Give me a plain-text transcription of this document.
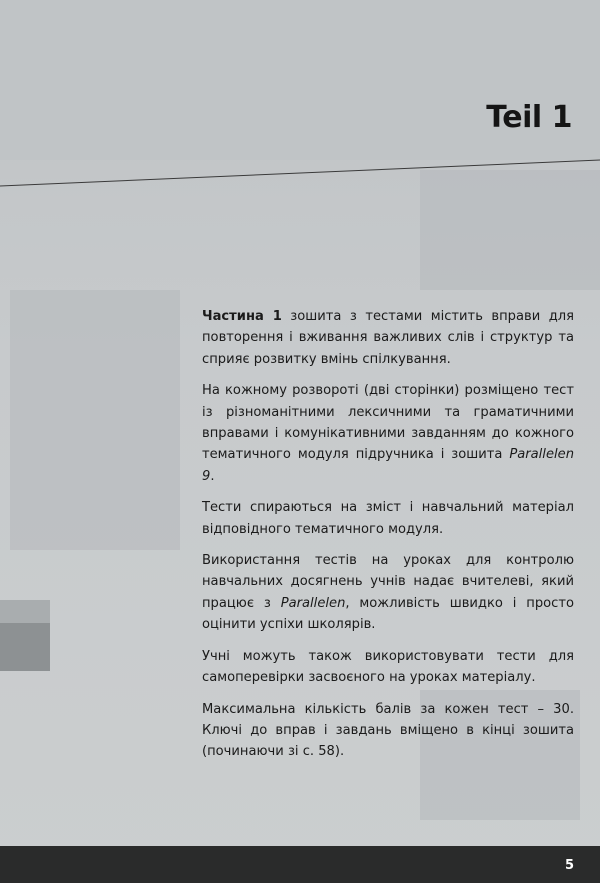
Teil 1

Частина 1 зошита з тестами містить вправи для повторення і вживання важливих слів і структур та сприяє розвитку вмінь спілкування.

На кожному розвороті (дві сторінки) розміщено тест із різноманітними лексичними та граматичними вправами і комунікативними завданням до кожного тематичного модуля підручника і зошита Parallelen 9.

Тести спираються на зміст і навчальний матеріал відповідного тематичного модуля.

Використання тестів на уроках для контролю навчальних досягнень учнів надає вчителеві, який працює з Parallelen, можливість швидко і просто оцінити успіхи школярів.

Учні можуть також використовувати тести для самоперевірки засвоєного на уроках матеріалу.

Максимальна кількість балів за кожен тест – 30. Ключі до вправ і завдань вміщено в кінці зошита (починаючи зі с. 58).

5
